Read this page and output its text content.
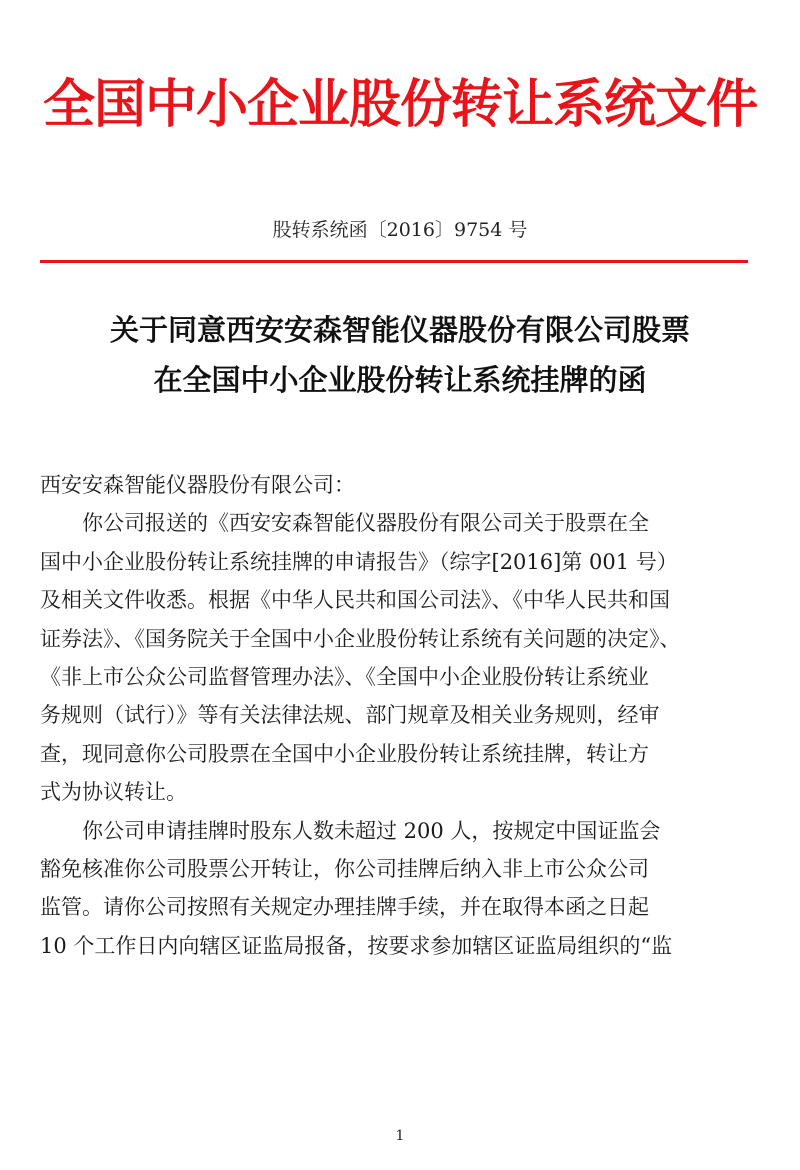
全国中小企业股份转让系统文件
股转系统函〔2016〕9754 号
关于同意西安安森智能仪器股份有限公司股票
在全国中小企业股份转让系统挂牌的函
西安安森智能仪器股份有限公司：
你公司报送的《西安安森智能仪器股份有限公司关于股票在全
国中小企业股份转让系统挂牌的申请报告》（综字[2016]第 001 号）
及相关文件收悉。根据《中华人民共和国公司法》、《中华人民共和国
证券法》、《国务院关于全国中小企业股份转让系统有关问题的决定》、
《非上市公众公司监督管理办法》、《全国中小企业股份转让系统业
务规则（试行）》等有关法律法规、部门规章及相关业务规则，经审
查，现同意你公司股票在全国中小企业股份转让系统挂牌，转让方
式为协议转让。
你公司申请挂牌时股东人数未超过 200 人，按规定中国证监会
豁免核准你公司股票公开转让，你公司挂牌后纳入非上市公众公司
监管。请你公司按照有关规定办理挂牌手续，并在取得本函之日起
10 个工作日内向辖区证监局报备，按要求参加辖区证监局组织的“监
1
